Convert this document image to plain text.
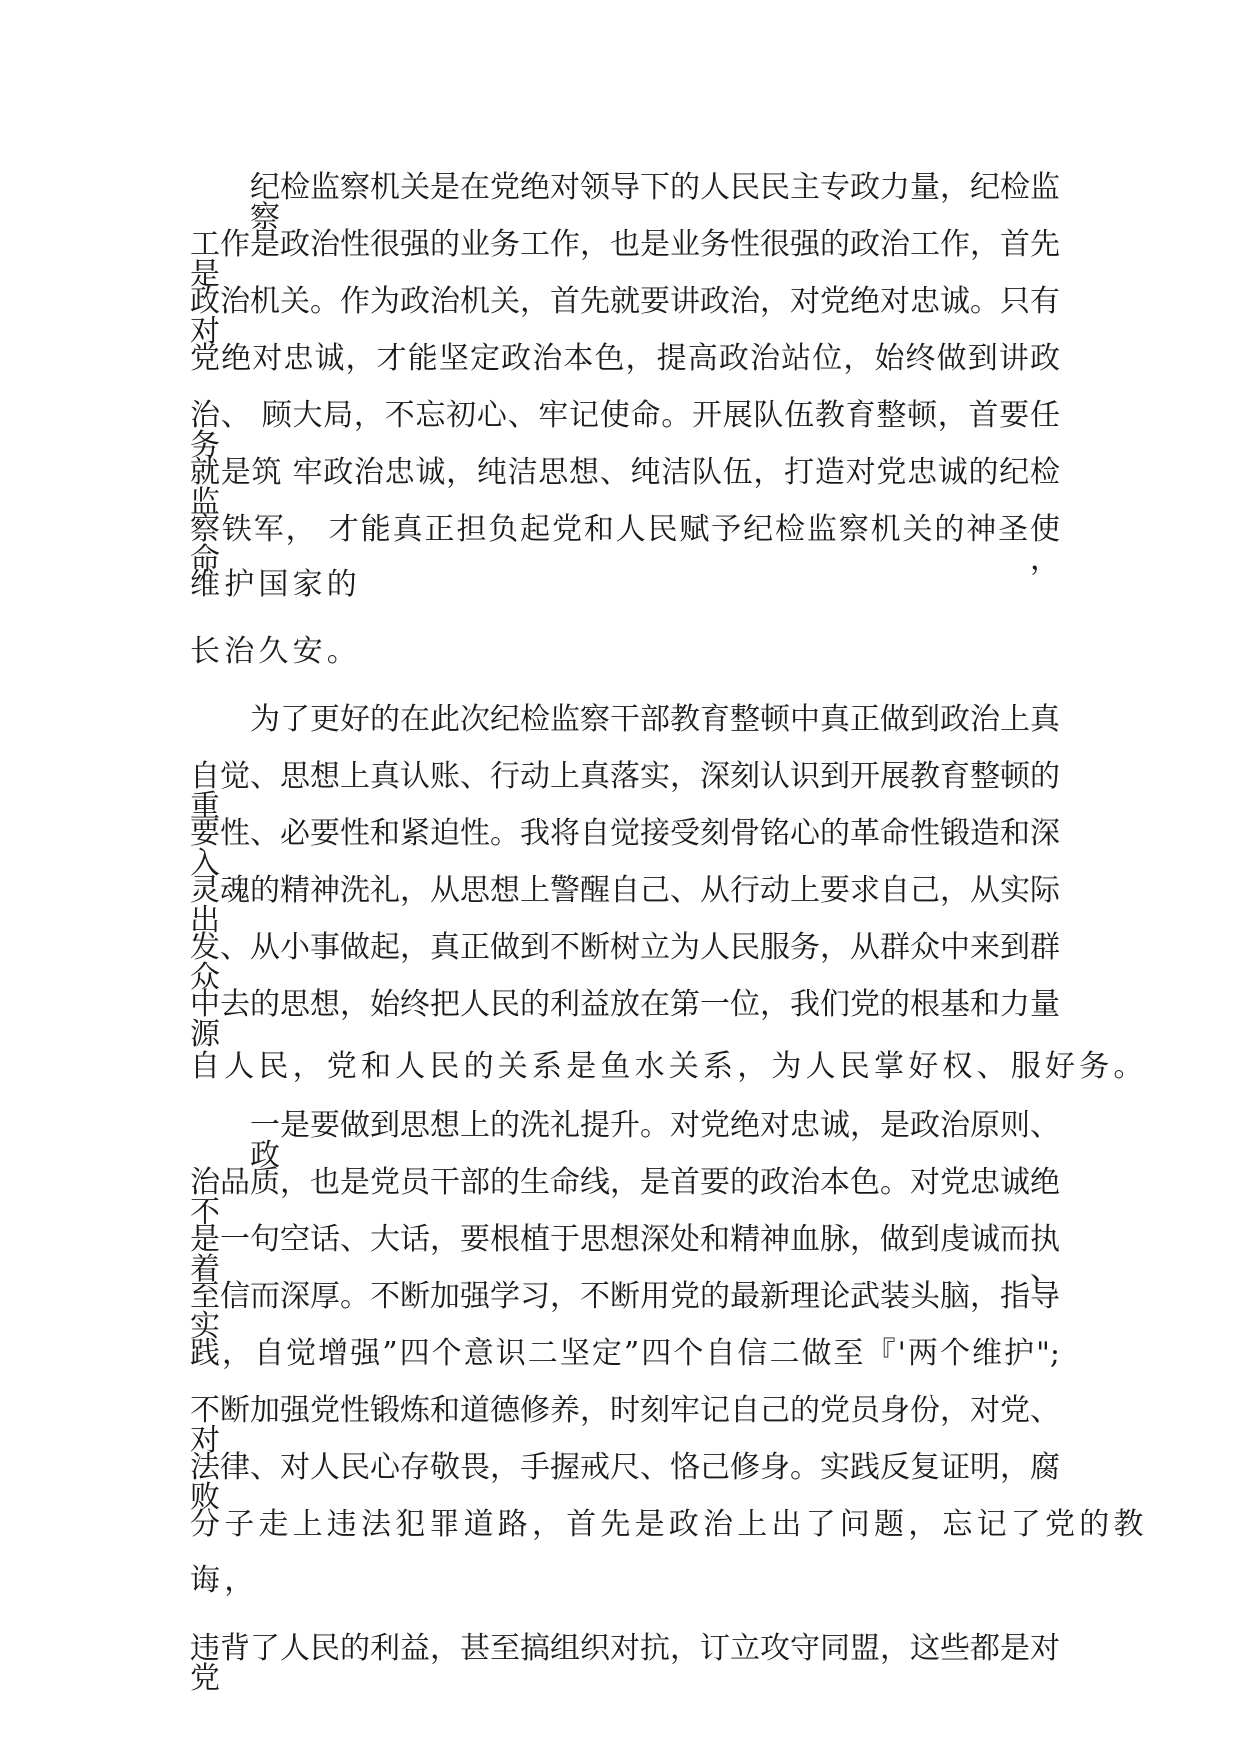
纪检监察机关是在党绝对领导下的人民民主专政力量，纪检监察

工作是政治性很强的业务工作，也是业务性很强的政治工作，首先是

政治机关。作为政治机关，首先就要讲政治，对党绝对忠诚。只有对

党绝对忠诚，才能坚定政治本色，提高政治站位，始终做到讲政

治、 顾大局，不忘初心、牢记使命。开展队伍教育整顿，首要任务

就是筑 牢政治忠诚，纯洁思想、纯洁队伍，打造对党忠诚的纪检监

察铁军， 才能真正担负起党和人民赋予纪检监察机关的神圣使命，

维护国家的

长治久安。

为了更好的在此次纪检监察干部教育整顿中真正做到政治上真

自觉、思想上真认账、行动上真落实，深刻认识到开展教育整顿的重

要性、必要性和紧迫性。我将自觉接受刻骨铭心的革命性锻造和深入

灵魂的精神洗礼，从思想上警醒自己、从行动上要求自己，从实际出

发、从小事做起，真正做到不断树立为人民服务，从群众中来到群众

中去的思想，始终把人民的利益放在第一位，我们党的根基和力量源

自人民，党和人民的关系是鱼水关系，为人民掌好权、服好务。

一是要做到思想上的洗礼提升。对党绝对忠诚，是政治原则、政

治品质，也是党员干部的生命线，是首要的政治本色。对党忠诚绝不

是一句空话、大话，要根植于思想深处和精神血脉，做到虔诚而执着、

至信而深厚。不断加强学习，不断用党的最新理论武装头脑，指导实

践，自觉增强”四个意识二坚定”四个自信二做至『'两个维护";

不断加强党性锻炼和道德修养，时刻牢记自己的党员身份，对党、对

法律、对人民心存敬畏，手握戒尺、恪己修身。实践反复证明，腐败

分子走上违法犯罪道路，首先是政治上出了问题，忘记了党的教

诲，

违背了人民的利益，甚至搞组织对抗，订立攻守同盟，这些都是对党
